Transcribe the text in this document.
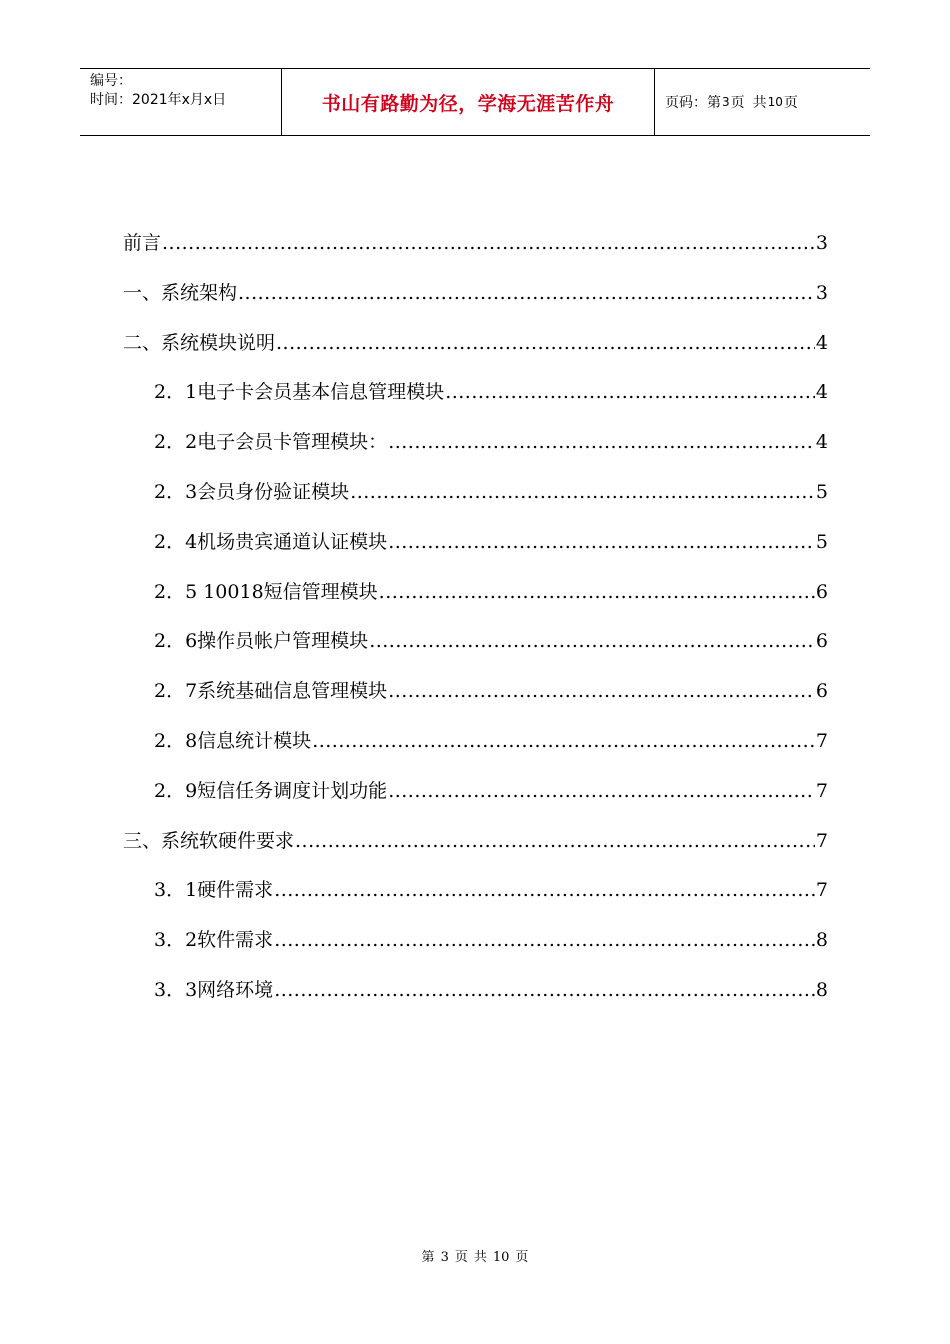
编号：
时间：2021年x月x日	书山有路勤为径，学海无涯苦作舟	页码：第 3 页 共 10 页
前言 .....	3
一、系统架构 .....	3
二、系统模块说明 .....	4
2．1电子卡会员基本信息管理模块 .....	4
2．2电子会员卡管理模块： .....	4
2．3会员身份验证模块 .....	5
2．4机场贵宾通道认证模块 .....	5
2．5 10018短信管理模块 .....	6
2．6操作员帐户管理模块 .....	6
2．7系统基础信息管理模块 .....	6
2．8信息统计模块 .....	7
2．9短信任务调度计划功能 .....	7
三、系统软硬件要求 .....	7
3．1硬件需求 .....	7
3．2软件需求 .....	8
3．3网络环境 .....	8
第 3 页 共 10 页
